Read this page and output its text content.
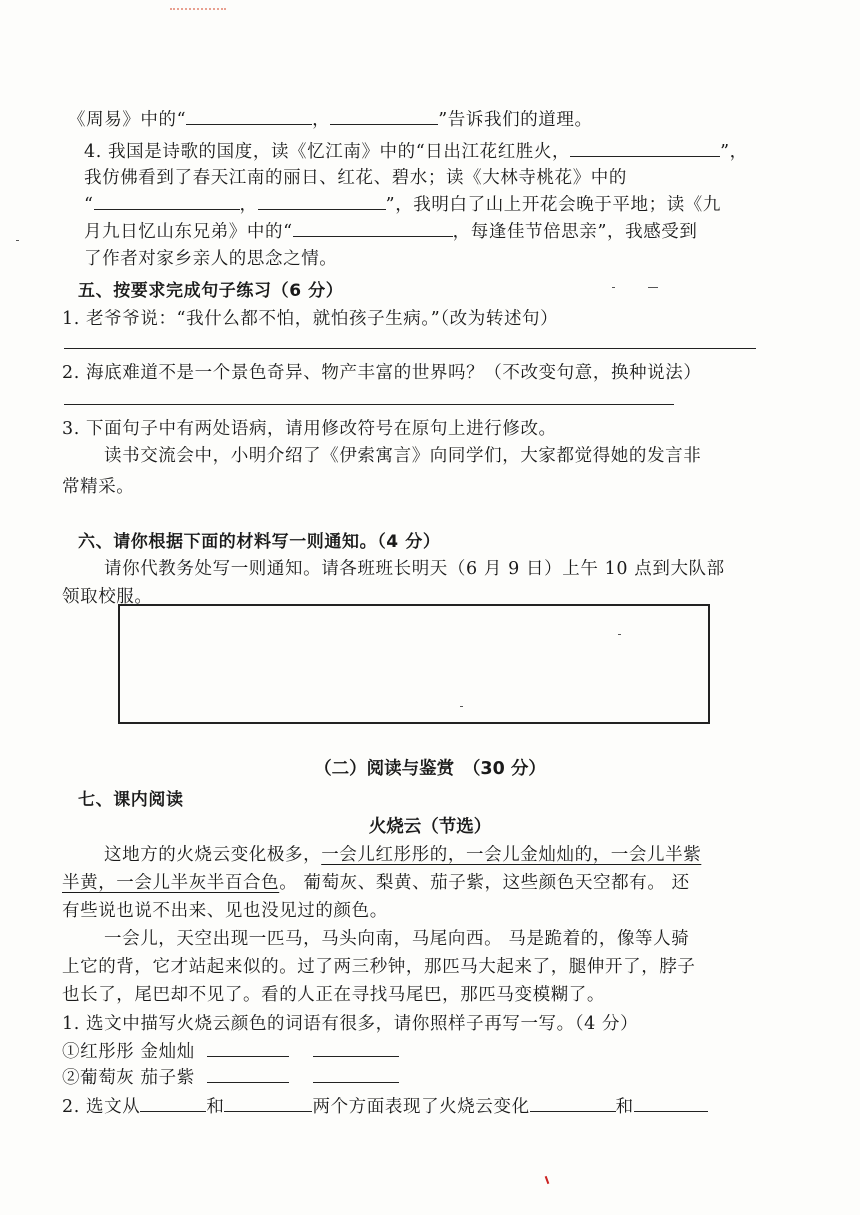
《周易》中的“	，	”告诉我们的道理。
4. 我国是诗歌的国度，读《忆江南》中的“日出江花红胜火，	”，
我仿佛看到了春天江南的丽日、红花、碧水；读《大林寺桃花》中的
“	，	”，我明白了山上开花会晚于平地；读《九
月九日忆山东兄弟》中的“	，每逢佳节倍思亲”，我感受到
了作者对家乡亲人的思念之情。
五、按要求完成句子练习（6 分）
1. 老爷爷说：“我什么都不怕，就怕孩子生病。”（改为转述句）
2. 海底难道不是一个景色奇异、物产丰富的世界吗？（不改变句意，换种说法）
3. 下面句子中有两处语病，请用修改符号在原句上进行修改。
读书交流会中，小明介绍了《伊索寓言》向同学们，大家都觉得她的发言非
常精采。
六、请你根据下面的材料写一则通知。（4 分）
请你代教务处写一则通知。请各班班长明天（6 月 9 日）上午 10 点到大队部
领取校服。
（二）阅读与鉴赏　（30 分）
七、课内阅读
火烧云（节选）
这地方的火烧云变化极多，一会儿红彤彤的，一会儿金灿灿的，一会儿半紫
半黄，一会儿半灰半百合色。 葡萄灰、梨黄、茄子紫，这些颜色天空都有。 还
有些说也说不出来、见也没见过的颜色。
一会儿，天空出现一匹马，马头向南，马尾向西。 马是跪着的，像等人骑
上它的背，它才站起来似的。过了两三秒钟，那匹马大起来了，腿伸开了，脖子
也长了，尾巴却不见了。看的人正在寻找马尾巴，那匹马变模糊了。
1. 选文中描写火烧云颜色的词语有很多，请你照样子再写一写。（4 分）
①红彤彤 金灿灿
②葡萄灰 茄子紫
2. 选文从	和	两个方面表现了火烧云变化	和
